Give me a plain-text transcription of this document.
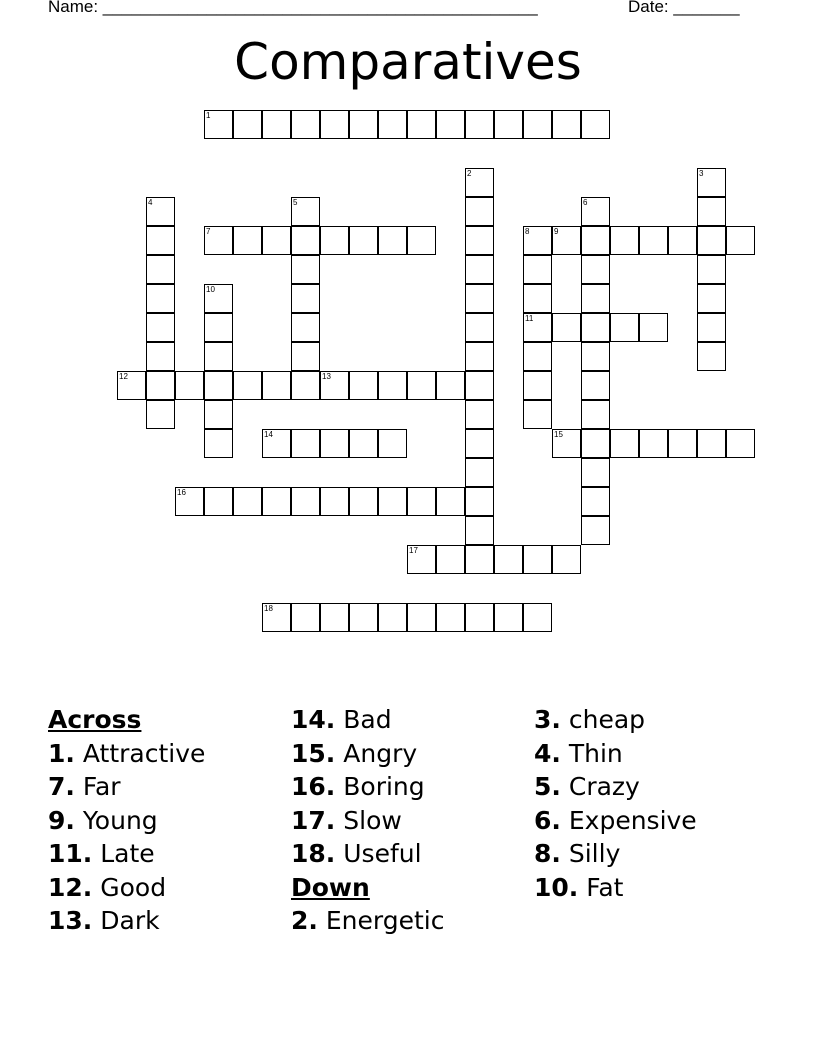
Name: ______________________________________________	Date: _______
Comparatives
1
2	3
4	5	6
7	8	9
10
11
12	13
14	15
16
17
18
Across
1. Attractive
7. Far
9. Young
11. Late
12. Good
13. Dark
14. Bad
15. Angry
16. Boring
17. Slow
18. Useful
Down
2. Energetic
3. cheap
4. Thin
5. Crazy
6. Expensive
8. Silly
10. Fat
